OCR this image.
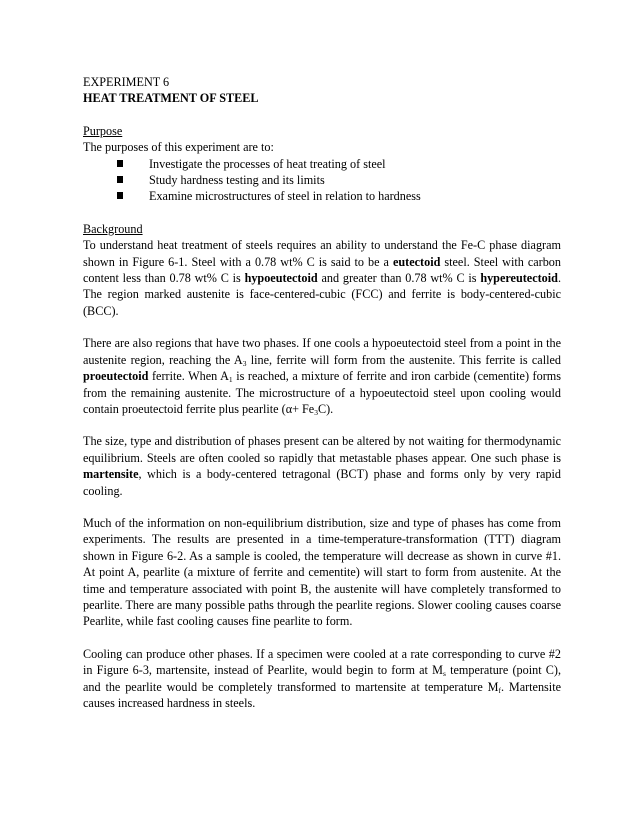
EXPERIMENT 6

HEAT TREATMENT OF STEEL

Purpose

The purposes of this experiment are to:

Investigate the processes of heat treating of steel
Study hardness testing and its limits
Examine microstructures of steel in relation to hardness

Background

To understand heat treatment of steels requires an ability to understand the Fe-C phase diagram shown in Figure 6-1. Steel with a 0.78 wt% C is said to be a eutectoid steel. Steel with carbon content less than 0.78 wt% C is hypoeutectoid and greater than 0.78 wt% C is hypereutectoid. The region marked austenite is face-centered-cubic (FCC) and ferrite is body-centered-cubic (BCC).

There are also regions that have two phases. If one cools a hypoeutectoid steel from a point in the austenite region, reaching the $A_3$ line, ferrite will form from the austenite. This ferrite is called proeutectoid ferrite. When $A_1$ is reached, a mixture of ferrite and iron carbide (cementite) forms from the remaining austenite. The microstructure of a hypoeutectoid steel upon cooling would contain proeutectoid ferrite plus pearlite $(\alpha+ Fe_3C)$.

The size, type and distribution of phases present can be altered by not waiting for thermodynamic equilibrium. Steels are often cooled so rapidly that metastable phases appear. One such phase is martensite, which is a body-centered tetragonal (BCT) phase and forms only by very rapid cooling.

Much of the information on non-equilibrium distribution, size and type of phases has come from experiments. The results are presented in a time-temperature-transformation (TTT) diagram shown in Figure 6-2. As a sample is cooled, the temperature will decrease as shown in curve #1. At point A, pearlite (a mixture of ferrite and cementite) will start to form from austenite. At the time and temperature associated with point B, the austenite will have completely transformed to pearlite. There are many possible paths through the pearlite regions. Slower cooling causes coarse Pearlite, while fast cooling causes fine pearlite to form.

Cooling can produce other phases. If a specimen were cooled at a rate corresponding to curve #2 in Figure 6-3, martensite, instead of Pearlite, would begin to form at $M_s$ temperature (point C), and the pearlite would be completely transformed to martensite at temperature $M_f$. Martensite causes increased hardness in steels.
